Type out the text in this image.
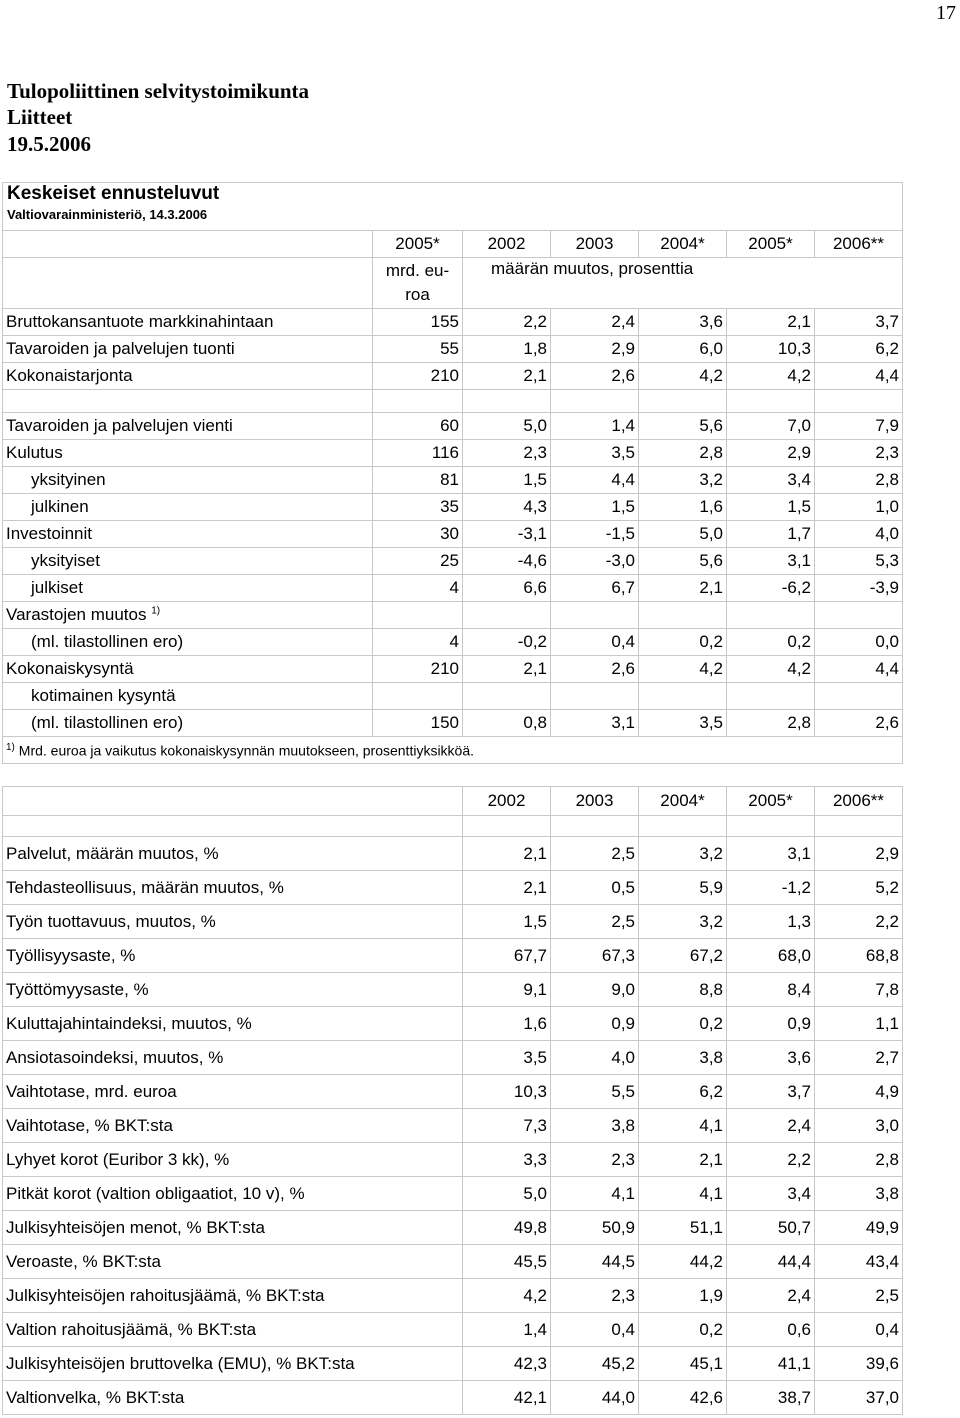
17
Tulopoliittinen selvitystoimikunta
Liitteet
19.5.2006

	2005*	2002	2003	2004*	2005*	2006**
	mrd. eu-roa	määrän muutos, prosenttia				
Bruttokansantuote markkinahintaan	155	2,2	2,4	3,6	2,1	3,7
Tavaroiden ja palvelujen tuonti	55	1,8	2,9	6,0	10,3	6,2
Kokonaistarjonta	210	2,1	2,6	4,2	4,2	4,4

Tavaroiden ja palvelujen vienti	60	5,0	1,4	5,6	7,0	7,9
Kulutus	116	2,3	3,5	2,8	2,9	2,3
yksityinen	81	1,5	4,4	3,2	3,4	2,8
julkinen	35	4,3	1,5	1,6	1,5	1,0
Investoinnit	30	-3,1	-1,5	5,0	1,7	4,0
yksityiset	25	-4,6	-3,0	5,6	3,1	5,3
julkiset	4	6,6	6,7	2,1	-6,2	-3,9
Varastojen muutos $^{1)}$						
(ml. tilastollinen ero)	4	-0,2	0,4	0,2	0,2	0,0
Kokonaiskysyntä	210	2,1	2,6	4,2	4,2	4,4
kotimainen kysyntä						
(ml. tilastollinen ero)	150	0,8	3,1	3,5	2,8	2,6
$^{1)}$ Mrd. euroa ja vaikutus kokonaiskysynnän muutokseen, prosenttiyksikköä.						
Keskeiset ennusteluvut
Valtiovarainministeriö, 14.3.2006
	2002	2003	2004*	2005*	2006**

Palvelut, määrän muutos, %	2,1	2,5	3,2	3,1	2,9
Tehdasteollisuus, määrän muutos, %	2,1	0,5	5,9	-1,2	5,2
Työn tuottavuus, muutos, %	1,5	2,5	3,2	1,3	2,2
Työllisyysaste, %	67,7	67,3	67,2	68,0	68,8
Työttömyysaste, %	9,1	9,0	8,8	8,4	7,8
Kuluttajahintaindeksi, muutos, %	1,6	0,9	0,2	0,9	1,1
Ansiotasoindeksi, muutos, %	3,5	4,0	3,8	3,6	2,7
Vaihtotase, mrd. euroa	10,3	5,5	6,2	3,7	4,9
Vaihtotase, % BKT:sta	7,3	3,8	4,1	2,4	3,0
Lyhyet korot (Euribor 3 kk), %	3,3	2,3	2,1	2,2	2,8
Pitkät korot (valtion obligaatiot, 10 v), %	5,0	4,1	4,1	3,4	3,8
Julkisyhteisöjen menot, % BKT:sta	49,8	50,9	51,1	50,7	49,9
Veroaste, % BKT:sta	45,5	44,5	44,2	44,4	43,4
Julkisyhteisöjen rahoitusjäämä, % BKT:sta	4,2	2,3	1,9	2,4	2,5
Valtion rahoitusjäämä, % BKT:sta	1,4	0,4	0,2	0,6	0,4
Julkisyhteisöjen bruttovelka (EMU), % BKT:sta	42,3	45,2	45,1	41,1	39,6
Valtionvelka, % BKT:sta	42,1	44,0	42,6	38,7	37,0
